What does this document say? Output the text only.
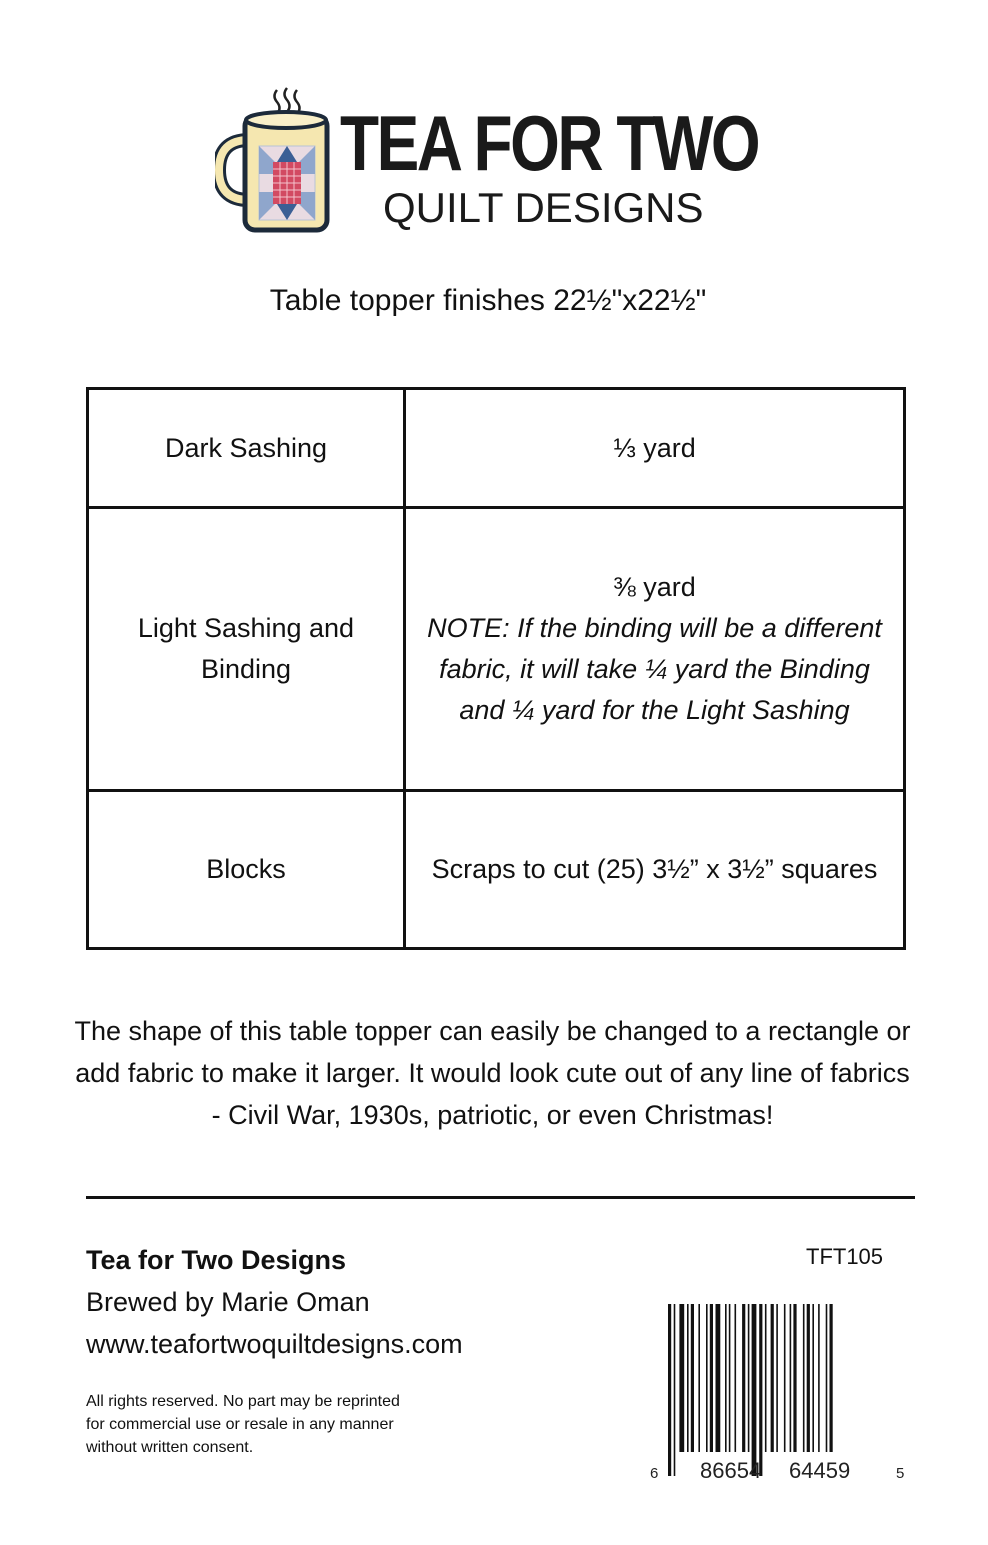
TEA FOR TWO
QUILT DESIGNS
Table topper finishes 22½"x22½"
Dark Sashing	⅓ yard
Light Sashing and Binding	⅜ yard
NOTE: If the binding will be a different fabric, it will take ¼ yard the Binding and ¼ yard for the Light Sashing

Blocks	Scraps to cut (25) 3½” x 3½” squares
The shape of this table topper can easily be changed to a rectangle or add fabric to make it larger. It would look cute out of any line of fabrics - Civil War, 1930s, patriotic, or even Christmas!
Tea for Two Designs
Brewed by Marie Oman
www.teafortwoquiltdesigns.com
All rights reserved. No part may be reprinted for commercial use or resale in any manner without written consent.
TFT105
6 86654 64459	5
